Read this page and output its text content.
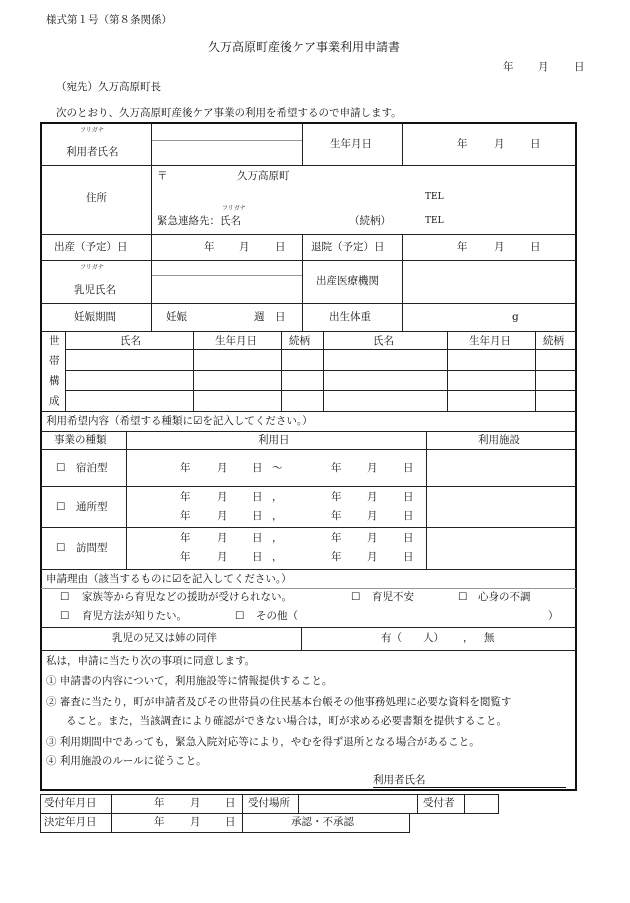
様式第１号（第８条関係）
久万高原町産後ケア事業利用申請書
年 月 日
（宛先）久万高原町長
次のとおり、久万高原町産後ケア事業の利用を希望するので申請します。
フリガナ
利用者氏名
生年月日	年	月 日
住所
〒	久万高原町
TEL
フリガナ
緊急連絡先：氏名	（続柄）	TEL
出産（予定）日	年 月 日 退院（予定）日	年	月 日
フリガナ
乳児氏名
出産医療機関
妊娠期間	妊娠	週 日	出生体重	g
世
帯
構
成
氏名	生年月日	続柄	氏名	生年月日	続柄
利用希望内容（希望する種類に☑を記入してください。）
事業の種類	利用日	利用施設
☐ 宿泊型	年	月 日 ～	年 月 日
☐ 通所型
年	月 日 ，	年 月 日
年	月 日 ，	年 月 日
☐ 訪問型
年	月 日 ，	年 月 日
年	月 日 ，	年 月 日
申請理由（該当するものに☑を記入してください。）
☐ 家族等から育児などの援助が受けられない。	☐ 育児不安	☐ 心身の不調
☐ 育児方法が知りたい。	☐ その他（	）
乳児の兄又は姉の同伴	有（ 人） ， 無
私は，申請に当たり次の事項に同意します。
① 申請書の内容について，利用施設等に情報提供すること。
② 審査に当たり，町が申請者及びその世帯員の住民基本台帳その他事務処理に必要な資料を閲覧す
ること。また，当該調査により確認ができない場合は，町が求める必要書類を提供すること。
③ 利用期間中であっても，緊急入院対応等により，やむを得ず退所となる場合があること。
④ 利用施設のルールに従うこと。
利用者氏名
受付年月日	年 月 日 受付場所	受付者
決定年月日	年 月 日	承認・不承認
